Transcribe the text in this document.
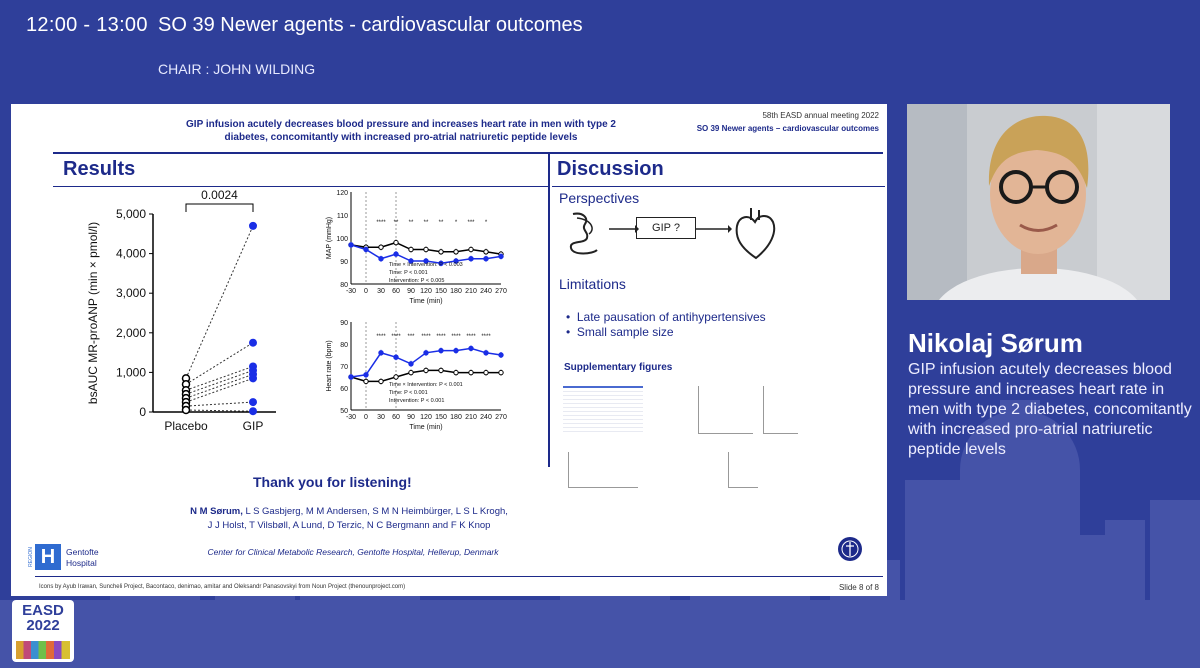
12:00 - 13:00 SO 39 Newer agents - cardiovascular outcomes
CHAIR : JOHN WILDING
GIP infusion acutely decreases blood pressure and increases heart rate in men with type 2
diabetes, concomitantly with increased pro-atrial natriuretic peptide levels
58th EASD annual meeting 2022
SO 39 Newer agents – cardiovascular outcomes
Results	Discussion
0
1,000
2,000
3,000
4,000
5,000
bsAUC MR-proANP (min × pmol/l)
Placebo	GIP
0.0024
80
90
100
110
120
-30 0 30 60 90 120 150 180 210 240 270
Time (min)
MAP (mmHg)	**** ** ** ** ** * *** *
Time × Intervention: P < 0.003
Time: P < 0.001
Intervention: P < 0.005
50
60
70
80
90
-30 0 30 60 90 120 150 180 210 240 270
Time (min)
Heart rate (bpm)
**** **** *** **** **** **** **** ****
Time × Intervention: P < 0.001
Time: P < 0.001
Intervention: P < 0.001
Perspectives
GIP ?
Limitations
•  Late pausation of antihypertensives
•  Small sample size
Supplementary figures
Thank you for listening!
N M Sørum, L S Gasbjerg, M M Andersen, S M N Heimbürger, L S L Krogh,
J J Holst, T Vilsbøll, A Lund, D Terzic, N C Bergmann and F K Knop
Center for Clinical Metabolic Research, Gentofte Hospital, Hellerup, Denmark
H
REGION	Gentofte
Hospital
Icons by Ayub Irawan, Suncheli Project, Bacontaco, denimao, amitar and Oleksandr Panasovskyi from Noun Project (thenounproject.com)	Slide 8 of 8
Nikolaj Sørum
GIP infusion acutely decreases blood pressure and increases heart rate in men with type 2 diabetes, concomitantly with increased pro-atrial natriuretic peptide levels
EASD
2022
